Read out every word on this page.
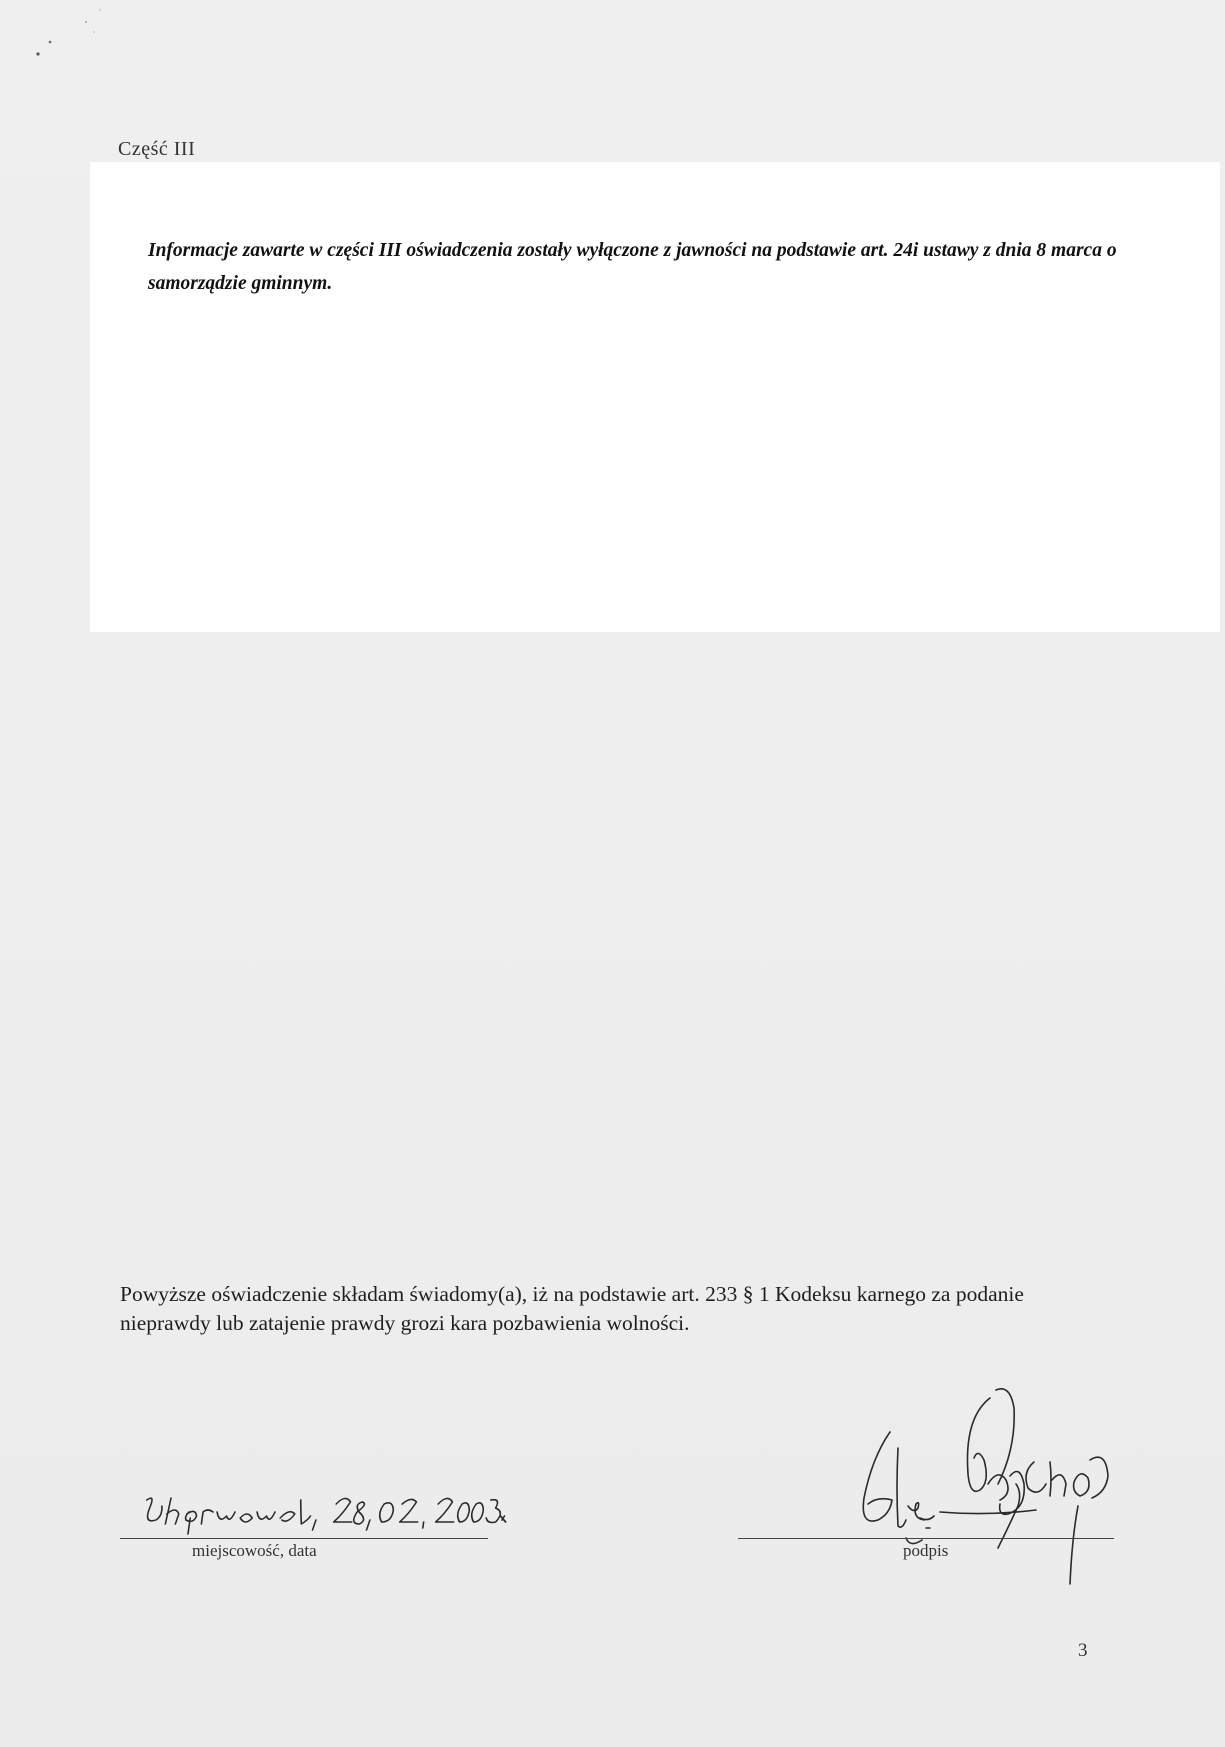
Część III
Informacje zawarte w części III oświadczenia zostały wyłączone z jawności na podstawie art. 24i ustawy z dnia 8 marca o samorządzie gminnym.
Powyższe oświadczenie składam świadomy(a), iż na podstawie art. 233 § 1 Kodeksu karnego za podanie nieprawdy lub zatajenie prawdy grozi kara pozbawienia wolności.
miejscowość, data	podpis
3
